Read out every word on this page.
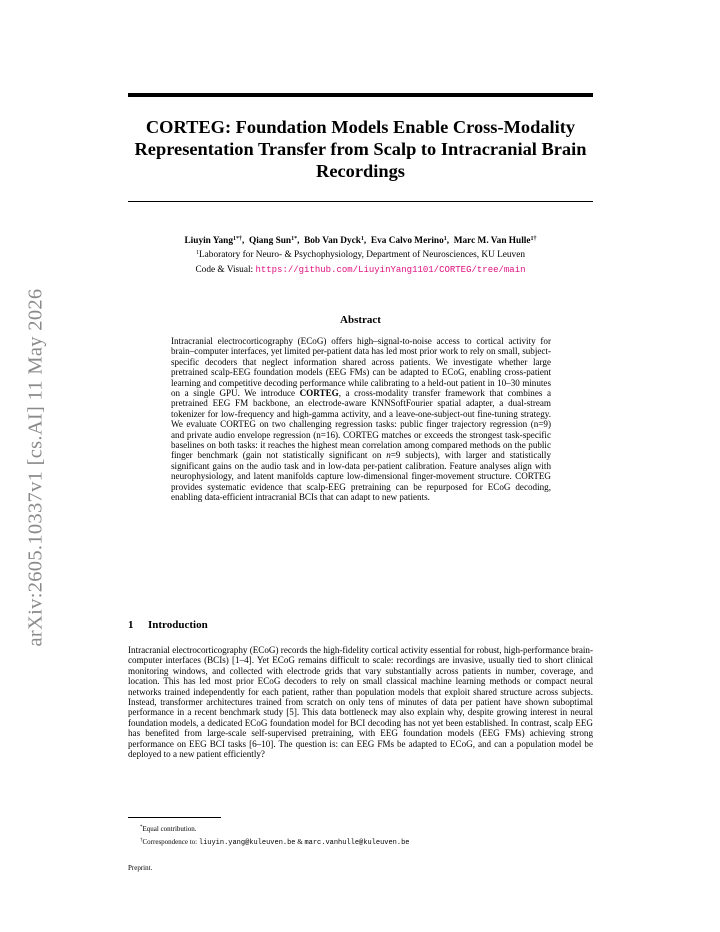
arXiv:2605.10337v1 [cs.AI] 11 May 2026
CORTEG: Foundation Models Enable Cross-Modality Representation Transfer from Scalp to Intracranial Brain Recordings
Liuyin Yang$^{1*\dagger}$,  Qiang Sun$^{1*}$,  Bob Van Dyck$^1$,  Eva Calvo Merino$^1$,  Marc M. Van Hulle$^{1\dagger}$
$^1$Laboratory for Neuro- & Psychophysiology, Department of Neurosciences, KU Leuven
Code & Visual: https://github.com/LiuyinYang1101/CORTEG/tree/main
Abstract

Intracranial electrocorticography (ECoG) offers high–signal-to-noise access to cortical activity for brain–computer interfaces, yet limited per-patient data has led most prior work to rely on small, subject-specific decoders that neglect information shared across patients. We investigate whether large pretrained scalp-EEG foundation models (EEG FMs) can be adapted to ECoG, enabling cross-patient learning and competitive decoding performance while calibrating to a held-out patient in 10–30 minutes on a single GPU. We introduce CORTEG, a cross-modality transfer framework that combines a pretrained EEG FM backbone, an electrode-aware KNNSoftFourier spatial adapter, a dual-stream tokenizer for low-frequency and high-gamma activity, and a leave-one-subject-out fine-tuning strategy. We evaluate CORTEG on two challenging regression tasks: public finger trajectory regression (n=9) and private audio envelope regression (n=16). CORTEG matches or exceeds the strongest task-specific baselines on both tasks: it reaches the highest mean correlation among compared methods on the public finger benchmark (gain not statistically significant on n=9 subjects), with larger and statistically significant gains on the audio task and in low-data per-patient calibration. Feature analyses align with neurophysiology, and latent manifolds capture low-dimensional finger-movement structure. CORTEG provides systematic evidence that scalp-EEG pretraining can be repurposed for ECoG decoding, enabling data-efficient intracranial BCIs that can adapt to new patients.

1 Introduction

Intracranial electrocorticography (ECoG) records the high-fidelity cortical activity essential for robust, high-performance brain-computer interfaces (BCIs) [1–4]. Yet ECoG remains difficult to scale: recordings are invasive, usually tied to short clinical monitoring windows, and collected with electrode grids that vary substantially across patients in number, coverage, and location. This has led most prior ECoG decoders to rely on small classical machine learning methods or compact neural networks trained independently for each patient, rather than population models that exploit shared structure across subjects. Instead, transformer architectures trained from scratch on only tens of minutes of data per patient have shown suboptimal performance in a recent benchmark study [5]. This data bottleneck may also explain why, despite growing interest in neural foundation models, a dedicated ECoG foundation model for BCI decoding has not yet been established. In contrast, scalp EEG has benefited from large-scale self-supervised pretraining, with EEG foundation models (EEG FMs) achieving strong performance on EEG BCI tasks [6–10]. The question is: can EEG FMs be adapted to ECoG, and can a population model be deployed to a new patient efficiently?

*Equal contribution.
†Correspondence to: liuyin.yang@kuleuven.be & marc.vanhulle@kuleuven.be
Preprint.
